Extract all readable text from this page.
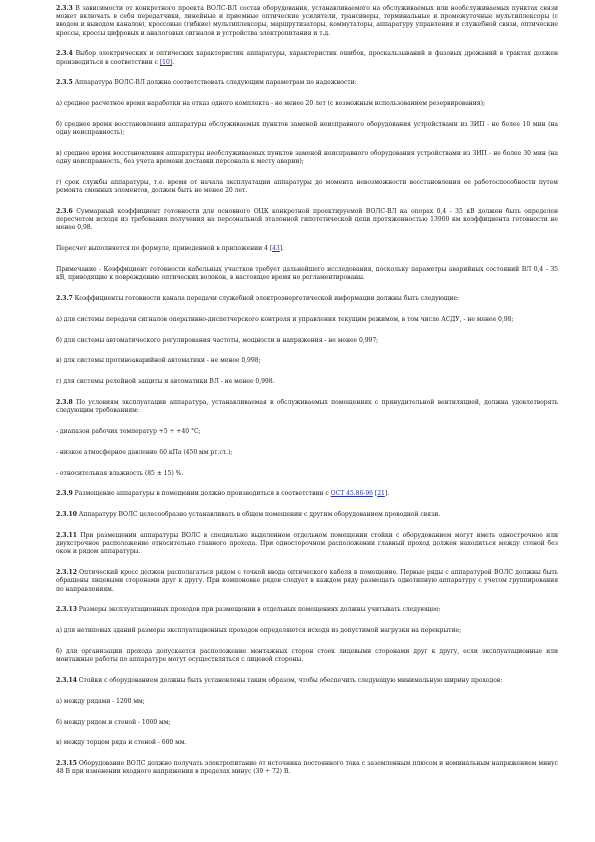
2.3.3 В зависимости от конкретного проекта ВОЛС-ВЛ состав оборудования, устанавливаемого на обслуживаемых или необслуживаемых пунктах связи может включать в себя передатчики, линейные и приемные оптические усилители, трансиверы, терминальные и промежуточные мультиплексоры (с вводом и выводом каналов), кроссовые (гибкие) мультиплексоры, маршрутизаторы, коммутаторы, аппаратуру управления и служебной связи, оптические кроссы, кроссы цифровых и аналоговых сигналов и устройства электропитания и т.д.

2.3.4 Выбор электрических и оптических характеристик аппаратуры, характеристик ошибок, проскальзываний и фазовых дрожаний в трактах должен производиться в соответствии с [10].

2.3.5 Аппаратура ВОЛС-ВЛ должна соответствовать следующим параметрам по надежности:

а) среднее расчетное время наработки на отказ одного комплекта - не менее 20 лет (с возможным использованием резервирования);

б) среднее время восстановления аппаратуры обслуживаемых пунктов заменой неисправного оборудования устройствами из ЗИП - не более 10 мин (на одну неисправность);

в) среднее время восстановления аппаратуры необслуживаемых пунктов заменой неисправного оборудования устройствами из ЗИП - не более 30 мин (на одну неисправность, без учета времени доставки персонала к месту аварии);

г) срок службы аппаратуры, т.е. время от начала эксплуатации аппаратуры до момента невозможности восстановления ее работоспособности путем ремонта сменных элементов, должен быть не менее 20 лет.

2.3.6 Суммарный коэффициент готовности для основного ОЦК конкретной проектируемой ВОЛС-ВЛ на опорах 0,4 - 35 кВ должен быть определен пересчетом исходя из требования получения на персональной эталонной гипотетической цепи протяженностью 13900 км коэффициента готовности не менее 0,98.

Пересчет выполняется по формуле, приведенной в приложении 4 [43].

Примечание - Коэффициент готовности кабельных участков требует дальнейшего исследования, поскольку параметры аварийных состояний ВЛ 0,4 - 35 кВ, приводящие к повреждению оптических волокон, в настоящее время не регламентированы.

2.3.7 Коэффициенты готовности канала передачи служебной электроэнергетической информации должны быть следующие:

а) для системы передачи сигналов оперативно-диспетчерского контроля и управления текущим режимом, в том числе АСДУ, - не менее 0,98;

б) для системы автоматического регулирования частоты, мощности и напряжения - не менее 0,997;

в) для системы противоаварийной автоматики - не менее 0,998;

г) для системы релейной защиты и автоматики ВЛ - не менее 0,998.

2.3.8 По условиям эксплуатации аппаратура, устанавливаемая в обслуживаемых помещениях с принудительной вентиляцией, должна удовлетворять следующим требованиям:

- диапазон рабочих температур +5 ÷ +40 °С;

- низкое атмосферное давление 60 кПа (450 мм рт.ст.);

- относительная влажность (85 ± 15) %.

2.3.9 Размещение аппаратуры в помещении должно производиться в соответствии с ОСТ 45.86-96 [21].

2.3.10 Аппаратуру ВОЛС целесообразно устанавливать в общем помещении с другим оборудованием проводной связи.

2.3.11 При размещении аппаратуры ВОЛС в специально выделенном отдельном помещении стойки с оборудованием могут иметь однострочное или двухстрочное расположение относительно главного прохода. При односторочном расположении главный проход должен находиться между стеной без окон и рядом аппаратуры.

2.3.12 Оптический кросс должен располагаться рядом с точкой ввода оптического кабеля в помещение. Первые ряды с аппаратурой ВОЛС должны быть обращены лицевыми сторонами друг к другу. При компоновке рядов следует в каждом ряду размещать однотипную аппаратуру с учетом группирования по направлениям.

2.3.13 Размеры эксплуатационных проходов при размещении в отдельных помещениях должны учитывать следующее:

а) для нетиповых зданий размеры эксплуатационных проходов определяются исходя из допустимой нагрузки на перекрытие;

б) для организации прохода допускается расположение монтажных сторон стоек лицевыми сторонами друг к другу, если эксплуатационные или монтажные работы по аппаратуре могут осуществляться с лицевой стороны.

2.3.14 Стойки с оборудованием должны быть установлены таким образом, чтобы обеспечить следующую минимальную ширину проходов:

а) между рядами - 1200 мм;

б) между рядом и стеной - 1000 мм;

в) между торцом ряда и стеной - 600 мм.

2.3.15 Оборудование ВОЛС должно получать электропитание от источника постоянного тока с заземленным плюсом и номинальным напряжением минус 48 В при изменении входного напряжения в пределах минус (39 ÷ 72) В.
